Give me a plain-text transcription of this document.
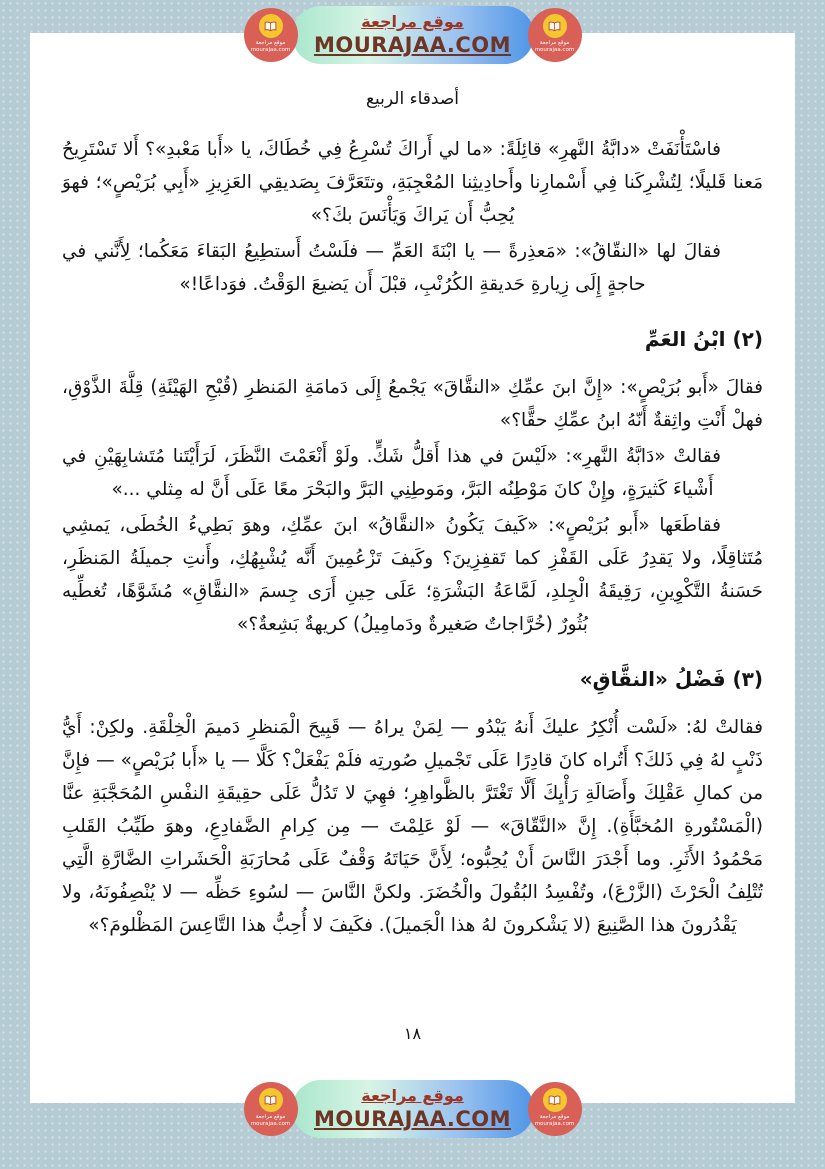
أصدقاء الربيع

فاسْتَأْنَفَتْ «دابَّةُ النَّهرِ» قائِلَةً: «ما لي أَراكَ تُسْرِعُ فِي خُطَاكَ، يا «أَبا مَعْبدِ»؟ أَلا تَسْتَرِيحُ مَعنا قَليلًا؛ لِتُشْرِكَنا فِي أَسْمارِنا وأَحادِيثِنا المُعْجِبَةِ، وتتَعَرَّفَ بِصَديقِي العَزِيزِ «أَبِي بُرَيْصٍ»؛ فهوَ يُحِبُّ أَن يَراكَ وَيَأْنَسَ بكَ؟»

فقالَ لها «النقّاقُ»: «مَعذِرةً — يا ابْنَةَ العَمِّ — فلَسْتُ أَستطِيعُ البَقاءَ مَعَكُما؛ لِأَنَّني في حاجةٍ إِلَى زِيارةِ حَديقةِ الكُرُنْبِ، قبْلَ أَن يَضيعَ الوَقْتُ. فوَداعًا!»

(٢) ابْنُ العَمِّ

فقالَ «أَبو بُرَيْصٍ»: «إِنَّ ابنَ عمِّكِ «النقَّاقَ» يَجْمعُ إِلَى دَمامَةِ المَنظرِ (قُبْحِ الهَيْئَةِ) قِلَّةَ الذَّوْقِ، فهلْ أَنْتِ واثِقةٌ أَنّهُ ابنُ عمِّكِ حقًّا؟»

فقالتْ «دَابَّةُ النَّهرِ»: «لَيْسَ في هذا أَقلُّ شَكٍّ. ولَوْ أَنْعَمْتَ النَّظَرَ، لَرَأَيْتَنا مُتَشابِهَيْنِ في أَشْياءَ كَثيرَةٍ، وإِنْ كانَ مَوْطِنُه البَرَّ، ومَوطِنِي البَرَّ والبَحْرَ معًا عَلَى أَنَّ له مِثلي ...»

فقاطَعَها «أَبو بُرَيْصٍ»: «كَيفَ يَكُونُ «النقَّاقُ» ابنَ عمِّكِ، وهوَ بَطِيءُ الخُطَى، يَمشِي مُتَثاقِلًا، ولا يَقدِرُ عَلَى القَفْزِ كما تَقفِزِينَ؟ وكَيفَ تَزْعُمِينَ أَنَّه يُشْبِهُكِ، وأَنتِ جميلَةُ المَنظَرِ، حَسَنةُ التَّكْوِينِ، رَقِيقَةُ الْجِلدِ، لَمَّاعَةُ البَشْرَةِ؛ عَلَى حِينِ أَرَى جِسمَ «النقَّاقِ» مُشَوَّهًا، تُغطِّيه بُثُورٌ (خُرَّاجاتٌ صَغيرةٌ ودَمامِيلُ) كريهةٌ بَشِعةٌ؟»

(٣) فَضْلُ «النقَّاقِ»

فقالتْ لهُ: «لَسْت أُنْكِرُ عليكَ أَنهُ يَبْدُو — لِمَنْ يراهُ — قَبِيحَ الْمَنظرِ دَميمَ الْخِلْقَةِ. ولكِنْ: أَيُّ ذَنْبٍ لهُ فِي ذَلكَ؟ أَتُراه كانَ قادِرًا عَلَى تَجْميلِ صُورتِه فلَمْ يَفْعَلْ؟ كَلَّا — يا «أَبا بُرَيْصٍ» — فإِنَّ من كمالِ عَقْلِكَ وأَصَالَةِ رَأْيِكَ أَلَّا تَغْتَرَّ بالظَّواهِرِ؛ فهِيَ لا تَدُلُّ عَلَى حقِيقَةِ النفْسِ المُحَجَّبَةِ عنَّا (الْمَسْتُورةِ المُخبَّأَةِ). إِنَّ «النَّقّاقَ» — لَوْ عَلِمْتَ — مِن كِرامِ الضَّفادِعِ، وهوَ طَيِّبُ القَلبِ مَحْمُودُ الأَثَرِ. وما أَجْدَرَ النَّاسَ أَنْ يُحِبُّوه؛ لِأَنَّ حَيَاتَهُ وَقْفٌ عَلَى مُحارَبَةِ الْحَشَراتِ الضَّارَّةِ الَّتِي تُتْلِفُ الْحَرْثَ (الزَّرْعَ)، وتُفْسِدُ البُقُولَ والْخُضَرَ. ولكنَّ النَّاسَ — لسُوءِ حَظِّه — لا يُنْصِفُونَهُ، ولا يَقْدُرونَ هذا الصَّنِيعَ (لا يَشْكرونَ لهُ هذا الْجَميلَ). فكَيفَ لا أُحِبُّ هذا التَّاعِسَ المَظْلومَ؟»

١٨
موقع مراجعة
mourajaa.com
موقع مراجعة
MOURAJAA.COM	موقع مراجعة
mourajaa.com
موقع مراجعة
mourajaa.com
موقع مراجعة
MOURAJAA.COM	موقع مراجعة
mourajaa.com
